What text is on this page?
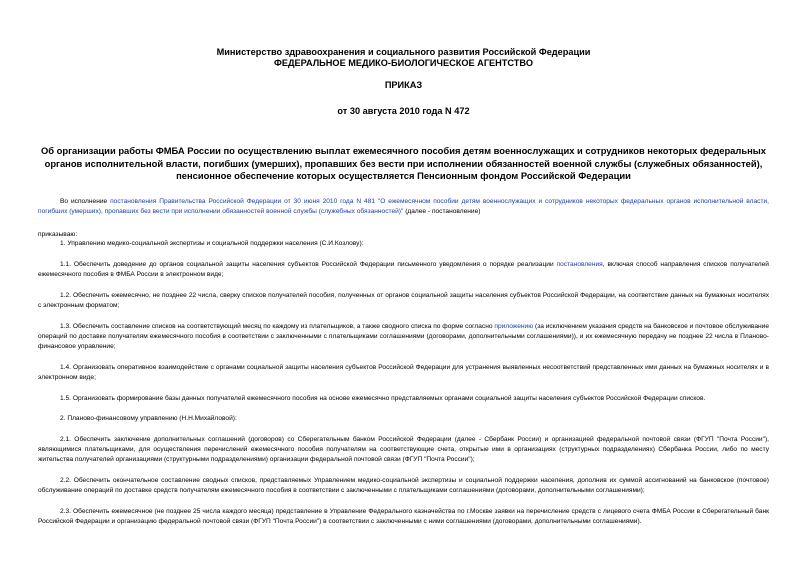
Министерство здравоохранения и социального развития Российской Федерации
ФЕДЕРАЛЬНОЕ МЕДИКО-БИОЛОГИЧЕСКОЕ АГЕНТСТВО
ПРИКАЗ
от 30 августа 2010 года N 472
Об организации работы ФМБА России по осуществлению выплат ежемесячного пособия детям военнослужащих и сотрудников некоторых федеральных органов исполнительной власти, погибших (умерших), пропавших без вести при исполнении обязанностей военной службы (служебных обязанностей), пенсионное обеспечение которых осуществляется Пенсионным фондом Российской Федерации
Во исполнение постановления Правительства Российской Федерации от 30 июня 2010 года N 481 "О ежемесячном пособии детям военнослужащих и сотрудников некоторых федеральных органов исполнительной власти, погибших (умерших), пропавших без вести при исполнении обязанностей военной службы (служебных обязанностей)" (далее - постановление)
приказываю:
1. Управлению медико-социальной экспертизы и социальной поддержки населения (С.И.Козлову):
1.1. Обеспечить доведение до органов социальной защиты населения субъектов Российской Федерации письменного уведомления о порядке реализации постановления, включая способ направления списков получателей ежемесячного пособия в ФМБА России в электронном виде;
1.2. Обеспечить ежемесячно, не позднее 22 числа, сверку списков получателей пособия, полученных от органов социальной защиты населения субъектов Российской Федерации, на соответствие данных на бумажных носителях с электронным форматом;
1.3. Обеспечить составление списков на соответствующий месяц по каждому из плательщиков, а также сводного списка по форме согласно приложению (за исключением указания средств на банковское и почтовое обслуживание операций по доставке получателям ежемесячного пособия в соответствии с заключенными с плательщиками соглашениями (договорами, дополнительными соглашениями)), и их ежемесячную передачу не позднее 22 числа в Планово-финансовое управление;
1.4. Организовать оперативное взаимодействие с органами социальной защиты населения субъектов Российской Федерации для устранения выявленных несоответствий представленных ими данных на бумажных носителях и в электронном виде;
1.5. Организовать формирование базы данных получателей ежемесячного пособия на основе ежемесячно представляемых органами социальной защиты населения субъектов Российской Федерации списков.
2. Планово-финансовому управлению (Н.Н.Михайловой):
2.1. Обеспечить заключение дополнительных соглашений (договоров) со Сберегательным банком Российской Федерации (далее - Сбербанк России) и организацией федеральной почтовой связи (ФГУП "Почта России"), являющимися плательщиками, для осуществления перечислений ежемесячного пособия получателям на соответствующие счета, открытые ими в организациях (структурных подразделениях) Сбербанка России, либо по месту жительства получателей организациями (структурными подразделениями) организации федеральной почтовой связи (ФГУП "Почта России");
2.2. Обеспечить окончательное составление сводных списков, представляемых Управлением медико-социальной экспертизы и социальной поддержки населения, дополнив их суммой ассигнований на банковское (почтовое) обслуживание операций по доставке средств получателям ежемесячного пособия в соответствии с заключенными с плательщиками соглашениями (договорами, дополнительными соглашениями);
2.3. Обеспечить ежемесячное (не позднее 25 числа каждого месяца) представление в Управление Федерального казначейства по г.Москве заявки на перечисление средств с лицевого счета ФМБА России в Сберегательный банк Российской Федерации и организацию федеральной почтовой связи (ФГУП "Почта России") в соответствии с заключенными с ними соглашениями (договорами, дополнительными соглашениями).
